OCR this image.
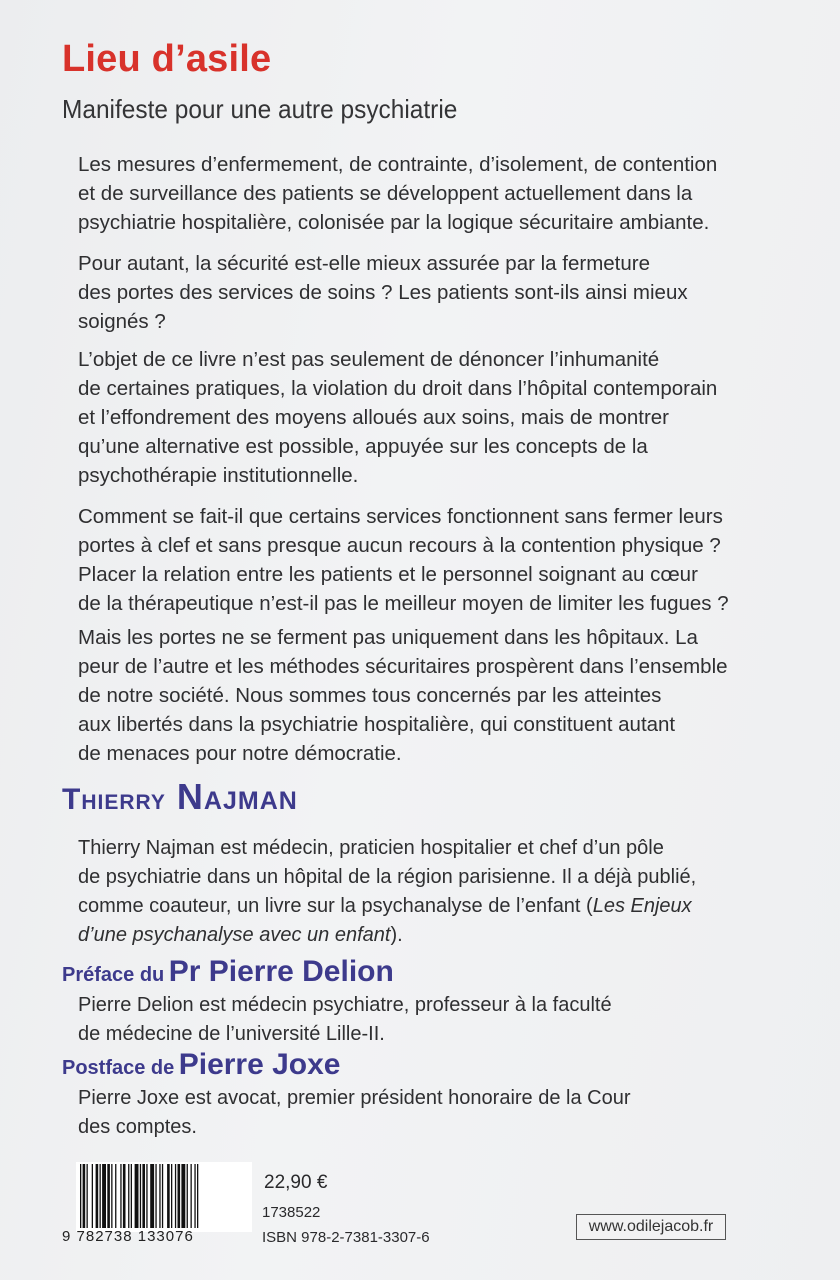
Lieu d’asile
Manifeste pour une autre psychiatrie

Les mesures d’enfermement, de contrainte, d’isolement, de contention

et de surveillance des patients se développent actuellement dans la

psychiatrie hospitalière, colonisée par la logique sécuritaire ambiante.

Pour autant, la sécurité est-elle mieux assurée par la fermeture

des portes des services de soins ? Les patients sont-ils ainsi mieux

soignés ?

L’objet de ce livre n’est pas seulement de dénoncer l’inhumanité

de certaines pratiques, la violation du droit dans l’hôpital contemporain

et l’effondrement des moyens alloués aux soins, mais de montrer

qu’une alternative est possible, appuyée sur les concepts de la

psychothérapie institutionnelle.

Comment se fait-il que certains services fonctionnent sans fermer leurs

portes à clef et sans presque aucun recours à la contention physique ?

Placer la relation entre les patients et le personnel soignant au cœur

de la thérapeutique n’est-il pas le meilleur moyen de limiter les fugues ?

Mais les portes ne se ferment pas uniquement dans les hôpitaux. La

peur de l’autre et les méthodes sécuritaires prospèrent dans l’ensemble

de notre société. Nous sommes tous concernés par les atteintes

aux libertés dans la psychiatrie hospitalière, qui constituent autant

de menaces pour notre démocratie.

Thierry Najman

Thierry Najman est médecin, praticien hospitalier et chef d’un pôle

de psychiatrie dans un hôpital de la région parisienne. Il a déjà publié,

comme coauteur, un livre sur la psychanalyse de l’enfant (Les Enjeux

d’une psychanalyse avec un enfant).

Préface du Pr Pierre Delion

Pierre Delion est médecin psychiatre, professeur à la faculté

de médecine de l’université Lille-II.

Postface de Pierre Joxe

Pierre Joxe est avocat, premier président honoraire de la Cour

des comptes.

9 782738 133076
22,90 €
1738522
ISBN 978-2-7381-3307-6
www.odilejacob.fr
